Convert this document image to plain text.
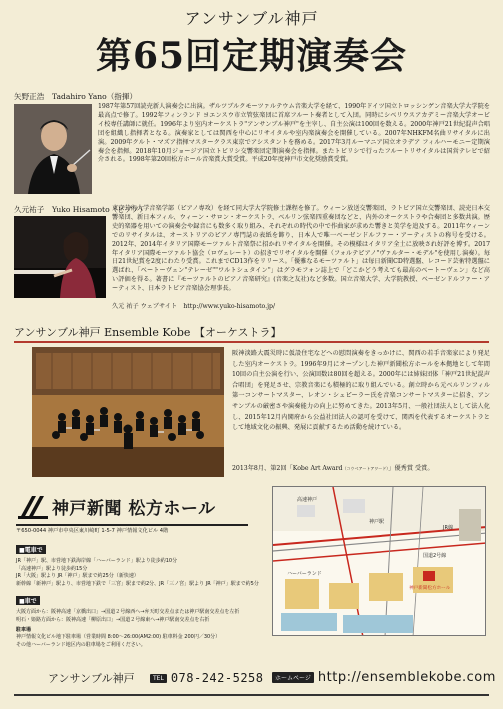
アンサンブル神戸
第65回定期演奏会
矢野正浩　Tadahiro Yano（指揮）
1987年第57回読売新人演奏会に出演。ザルツブルクモーツァルテウム音楽大学を経て、1990年ドイツ国立トロッシンゲン音楽大学大学院を最高点で修了。1992年フィンランド ヨエンスウ市立管弦楽団に首席フルート奏者として入団。同時にシベリウスアカデミー音楽大学オービイ校専任講師に就任。1996年より室内オーケストラ"アンサンブル神戸"を主宰し、自主公演は100回を数える。2000年神戸21世紀混声合唱団を組織し指揮者となる。演奏家としては関西を中心にリサイタルや室内楽演奏会を開催している。2007年NHKFM名曲リサイタルに出演。2009年クルト・マズア指揮マスタークラス東京でアシスタントを務める。2017年3月ルーマニア国立オラデア フィルハーモニー定期演奏会を指揮。2018年10月ジョージア国立トビリシ交響楽団定期演奏会を指揮。またトビリシで行ったフルートリサイタルは国営テレビで紹介される。1998年第20回松方ホール音楽賞大賞受賞。平成20年度神戸市文化奨励賞受賞。
久元祐子　Yuko Hisamoto（ピアノ）
東京芸術大学音楽学部（ピアノ専攻）を経て同大学大学院修士課程を修了。ウィーン放送交響楽団、ラトビア国立交響楽団、読売日本交響楽団、新日本フィル、ウィーン・サロン・オーケストラ、ベルリン弦楽四重奏団などと、内外のオーケストラや合奏団と多数共演。歴史的楽器を用いての演奏会や録音にも数多く取り組み、それぞれの時代の中で作曲家が求めた響きと美学を追及する。2011年ウィーンでのリサイタルは、オーストリアのピアノ専門誌の表紙を飾り、日本人で唯一ベーゼンドルファー・アーティストの称号を受ける。2012年、2014年イタリア国際モーツァルト音楽祭に招かれリサイタルを開催。その模様はイタリア全土に放映され好評を博す。2017年イタリア国際モーツァルト協会（ロヴェレート）の招きでリサイタルを開催（フォルテピアノ"ヴァルター・モデル"を使用し演奏）。毎日21世紀賞を2度にわたり受賞。これまでCD13作をリリース。「優雅なるモーツァルト」は毎日新聞CD特選盤、レコード芸術特選盤に選ばれ、「ベートーヴェン"テレーゼ""ワルトシュタイン"」はグラモフォン誌上で「どこかどう考えても最高のベートーヴェン」など高い評価を得る。著書に『モーツァルトのピアノ音楽研究』(音楽之友社)など多数。国立音楽大学、大学院教授、ベーゼンドルファー・アーティスト、日本ラトビア音楽協会理事長。
久元 祐子 ウェブサイト　http://www.yuko-hisamoto.jp/
アンサンブル神戸 Ensemble Kobe 【オーケストラ】
阪神淡路大震災時に仮設住宅などへの慰問演奏をきっかけに、関西の若手音楽家により発足した室内オーケストラ。1996年9月にオープンした神戸新聞松方ホールを本拠地として年間10回の自主公演を行い、公演回数は80回を超える。2000年には姉妹団体「神戸21世紀混声合唱団」を発足させ、宗教音楽にも積極的に取り組んでいる。創立時から元ベルリンフィル第一コンサートマスター、レオン・シュピーラー氏を音楽コンサートマスターに招き、アンサンブルの厳密さや演奏能力の向上に努めてきた。2013年5月、一般社団法人として法人化し、2015年12月内閣府から公益社団法人の認可を受けて、関西を代表するオーケストラとして地域文化の振興、発展に貢献するため活動を続けている。
2013年8月、第2回「Kobe Art Award（コウベアートアワード）」優秀賞 受賞。
神戸新聞 松方ホール
〒650-0044 神戸市中央区東川崎町 1-5-7 神戸情報文化ビル 4階
■電車で
JR「神戸」駅、市営地下鉄海岸線「ハーバーランド」駅より徒歩約10分
「高速神戸」駅より徒歩約15分
JR「大阪」駅より JR「神戸」駅まで約25分（新快速）
新幹線「新神戸」駅より、市営地下鉄で「三宮」駅まで約2分、JR「三ノ宮」駅より JR「神戸」駅まで約5分
■車で
大阪方面から：阪神高速「京橋出口」→国道２号線西へ→弁天町交差点または神戸駅南交差点を左折
明石・姫路方面から：阪神高速「柳原出口」→国道２号線東へ→神戸駅南交差点を右折
駐車場
神戸情報文化ビル地下駐車場（営業時間 8:00〜26:00(AM2:00) 駐車料金 200円／30分）
その他ハーバーランド地区内の駐車場をご利用ください。
ハーバーランド
神戸駅
高速神戸
JR線
国道2号線
神戸新聞松方ホール
アンサンブル神戸	TEL 078-242-5258	ホームページ http://ensemblekobe.com
